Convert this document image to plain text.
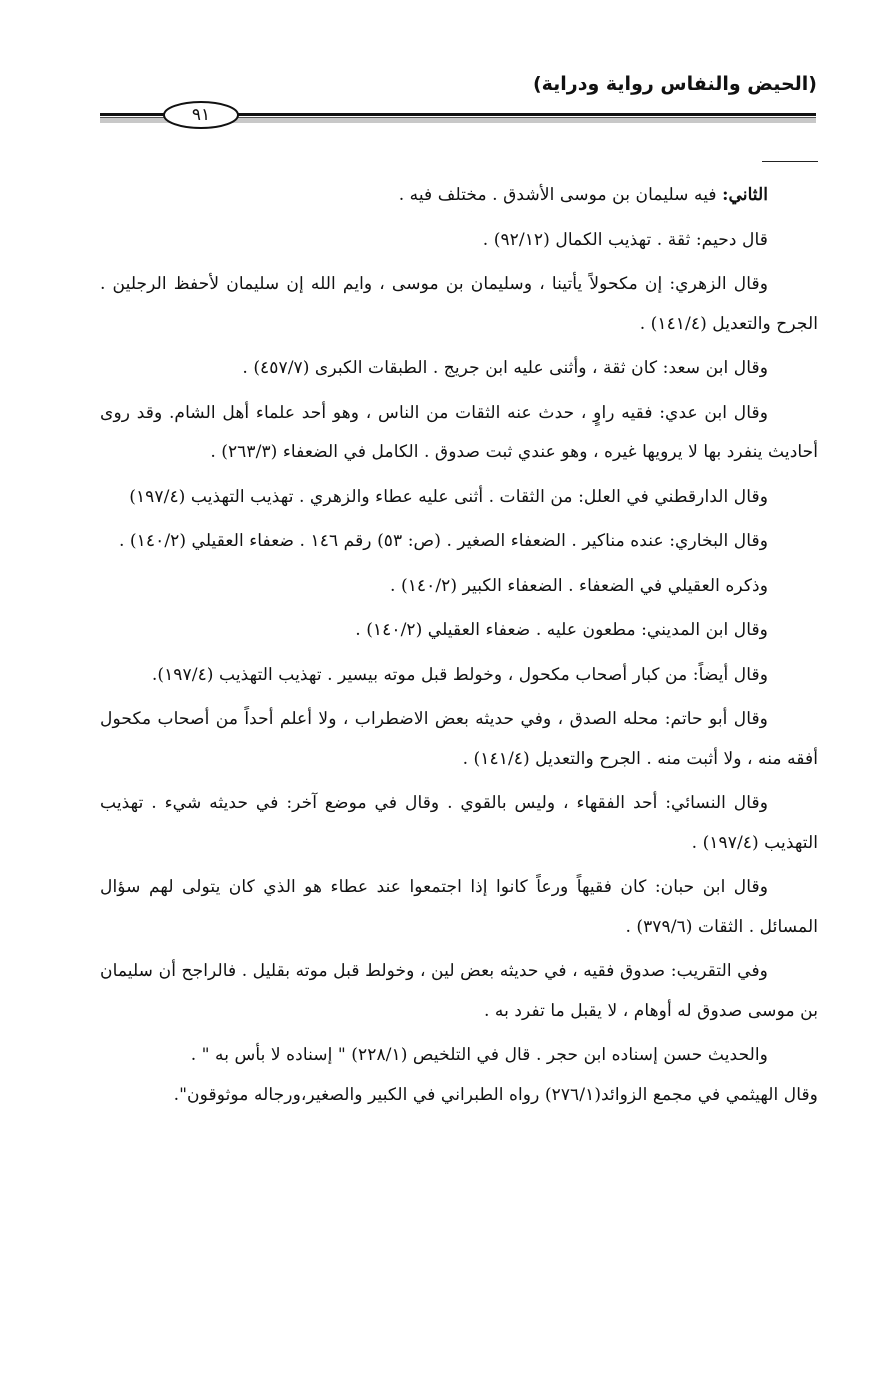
(الحيض والنفاس رواية ودراية)
٩١

الثاني: فيه سليمان بن موسى الأشدق . مختلف فيه .

قال دحيم: ثقة . تهذيب الكمال (٩٢/١٢) .

وقال الزهري: إن مكحولاً يأتينا ، وسليمان بن موسى ، وايم الله إن سليمان لأحفظ الرجلين . الجرح والتعديل (١٤١/٤) .

وقال ابن سعد: كان ثقة ، وأثنى عليه ابن جريج . الطبقات الكبرى (٤٥٧/٧) .

وقال ابن عدي: فقيه راوٍ ، حدث عنه الثقات من الناس ، وهو أحد علماء أهل الشام. وقد روى أحاديث ينفرد بها لا يرويها غيره ، وهو عندي ثبت صدوق . الكامل في الضعفاء (٢٦٣/٣) .

وقال الدارقطني في العلل: من الثقات . أثنى عليه عطاء والزهري . تهذيب التهذيب (١٩٧/٤)

وقال البخاري: عنده مناكير . الضعفاء الصغير . (ص: ٥٣) رقم ١٤٦ . ضعفاء العقيلي (١٤٠/٢) .

وذكره العقيلي في الضعفاء . الضعفاء الكبير (١٤٠/٢) .

وقال ابن المديني: مطعون عليه . ضعفاء العقيلي (١٤٠/٢) .

وقال أيضاً: من كبار أصحاب مكحول ، وخولط قبل موته بيسير . تهذيب التهذيب (١٩٧/٤).

وقال أبو حاتم: محله الصدق ، وفي حديثه بعض الاضطراب ، ولا أعلم أحداً من أصحاب مكحول أفقه منه ، ولا أثبت منه . الجرح والتعديل (١٤١/٤) .

وقال النسائي: أحد الفقهاء ، وليس بالقوي . وقال في موضع آخر: في حديثه شيء . تهذيب التهذيب (١٩٧/٤) .

وقال ابن حبان: كان فقيهاً ورعاً كانوا إذا اجتمعوا عند عطاء هو الذي كان يتولى لهم سؤال المسائل . الثقات (٣٧٩/٦) .

وفي التقريب: صدوق فقيه ، في حديثه بعض لين ، وخولط قبل موته بقليل . فالراجح أن سليمان بن موسى صدوق له أوهام ، لا يقبل ما تفرد به .

والحديث حسن إسناده ابن حجر . قال في التلخيص (٢٢٨/١) " إسناده لا بأس به " .

وقال الهيثمي في مجمع الزوائد(٢٧٦/١) رواه الطبراني في الكبير والصغير،ورجاله موثوقون".
